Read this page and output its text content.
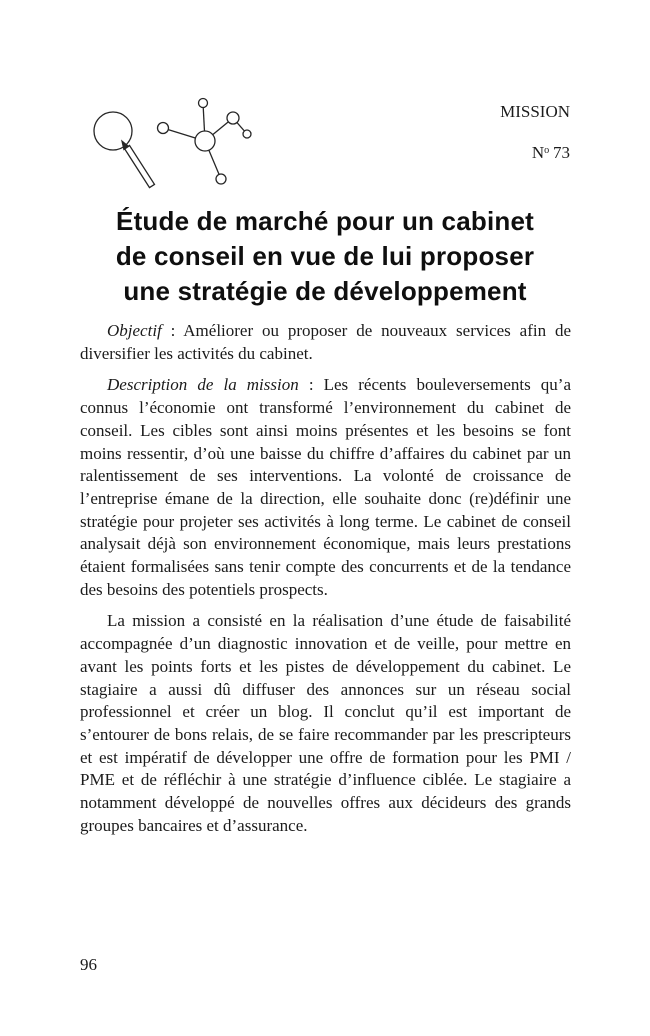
MISSION
$N^o$ 73
Étude de marché pour un cabinet
de conseil en vue de lui proposer
une stratégie de développement

Objectif : Améliorer ou proposer de nouveaux services afin de diversifier les activités du cabinet.

Description de la mission : Les récents bouleversements qu’a connus l’économie ont transformé l’environnement du cabinet de conseil. Les cibles sont ainsi moins présentes et les besoins se font moins ressentir, d’où une baisse du chiffre d’affaires du cabinet par un ralentissement de ses interventions. La volonté de croissance de l’entreprise émane de la direction, elle souhaite donc (re)définir une stratégie pour projeter ses activités à long terme. Le cabinet de conseil analysait déjà son environnement économique, mais leurs prestations étaient formalisées sans tenir compte des concurrents et de la tendance des besoins des potentiels prospects.

La mission a consisté en la réalisation d’une étude de faisabilité accompagnée d’un diagnostic innovation et de veille, pour mettre en avant les points forts et les pistes de développement du cabinet. Le stagiaire a aussi dû diffuser des annonces sur un réseau social professionnel et créer un blog. Il conclut qu’il est important de s’entourer de bons relais, de se faire recommander par les prescripteurs et est impératif de développer une offre de formation pour les PMI / PME et de réfléchir à une stratégie d’influence ciblée. Le stagiaire a notamment développé de nouvelles offres aux décideurs des grands groupes bancaires et d’assurance.

96
